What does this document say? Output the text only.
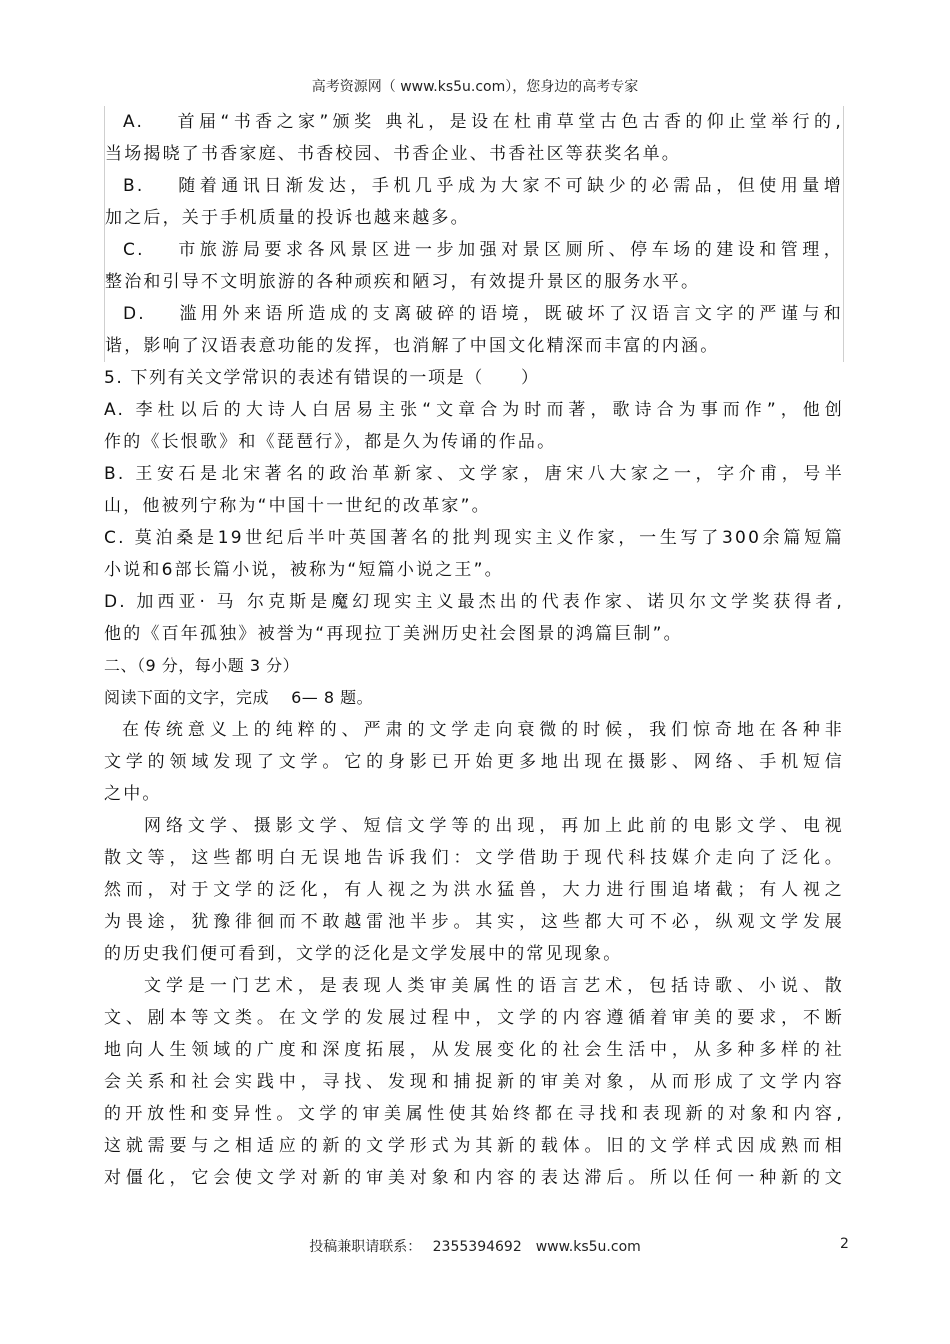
高考资源网（ www.ks5u.com），您身边的高考专家

A.　 首届“书香之家”颁奖 典礼，是设在杜甫草堂古色古香的仰止堂举行的,

当场揭晓了书香家庭、书香校园、书香企业、书香社区等获奖名单。

B.　 随着通讯日渐发达，手机几乎成为大家不可缺少的必需品，但使用量增

加之后，关于手机质量的投诉也越来越多。

C.　 市旅游局要求各风景区进一步加强对景区厕所、停车场的建设和管理，

整治和引导不文明旅游的各种顽疾和陋习，有效提升景区的服务水平。

D.　 滥用外来语所造成的支离破碎的语境，既破坏了汉语言文字的严谨与和

谐，影响了汉语表意功能的发挥，也消解了中国文化精深而丰富的内涵。

5. 下列有关文学常识的表述有错误的一项是（　　）

A. 李杜以后的大诗人白居易主张“文章合为时而著，歌诗合为事而作”，他创

作的《长恨歌》和《琵琶行》，都是久为传诵的作品。

B. 王安石是北宋著名的政治革新家、文学家，唐宋八大家之一，字介甫，号半

山，他被列宁称为“中国十一世纪的改革家”。

C. 莫泊桑是19世纪后半叶英国著名的批判现实主义作家，一生写了300余篇短篇

小说和6部长篇小说，被称为“短篇小说之王”。

D. 加西亚· 马 尔克斯是魔幻现实主义最杰出的代表作家、诺贝尔文学奖获得者,

他的《百年孤独》被誉为“再现拉丁美洲历史社会图景的鸿篇巨制”。

二、（9 分，每小题 3 分）

阅读下面的文字，完成　 6— 8 题。

在传统意义上的纯粹的、严肃的文学走向衰微的时候，我们惊奇地在各种非

文学的领域发现了文学。它的身影已开始更多地出现在摄影、网络、手机短信

之中。

网络文学、摄影文学、短信文学等的出现，再加上此前的电影文学、电视

散文等，这些都明白无误地告诉我们：文学借助于现代科技媒介走向了泛化。

然而，对于文学的泛化，有人视之为洪水猛兽，大力进行围追堵截；有人视之

为畏途，犹豫徘徊而不敢越雷池半步。其实，这些都大可不必，纵观文学发展

的历史我们便可看到，文学的泛化是文学发展中的常见现象。

文学是一门艺术，是表现人类审美属性的语言艺术，包括诗歌、小说、散

文、剧本等文类。在文学的发展过程中，文学的内容遵循着审美的要求，不断

地向人生领域的广度和深度拓展，从发展变化的社会生活中，从多种多样的社

会关系和社会实践中，寻找、发现和捕捉新的审美对象，从而形成了文学内容

的开放性和变异性。文学的审美属性使其始终都在寻找和表现新的对象和内容,

这就需要与之相适应的新的文学形式为其新的载体。旧的文学样式因成熟而相

对僵化，它会使文学对新的审美对象和内容的表达滞后。所以任何一种新的文

投稿兼职请联系：　 2355394692　www.ks5u.com	2
